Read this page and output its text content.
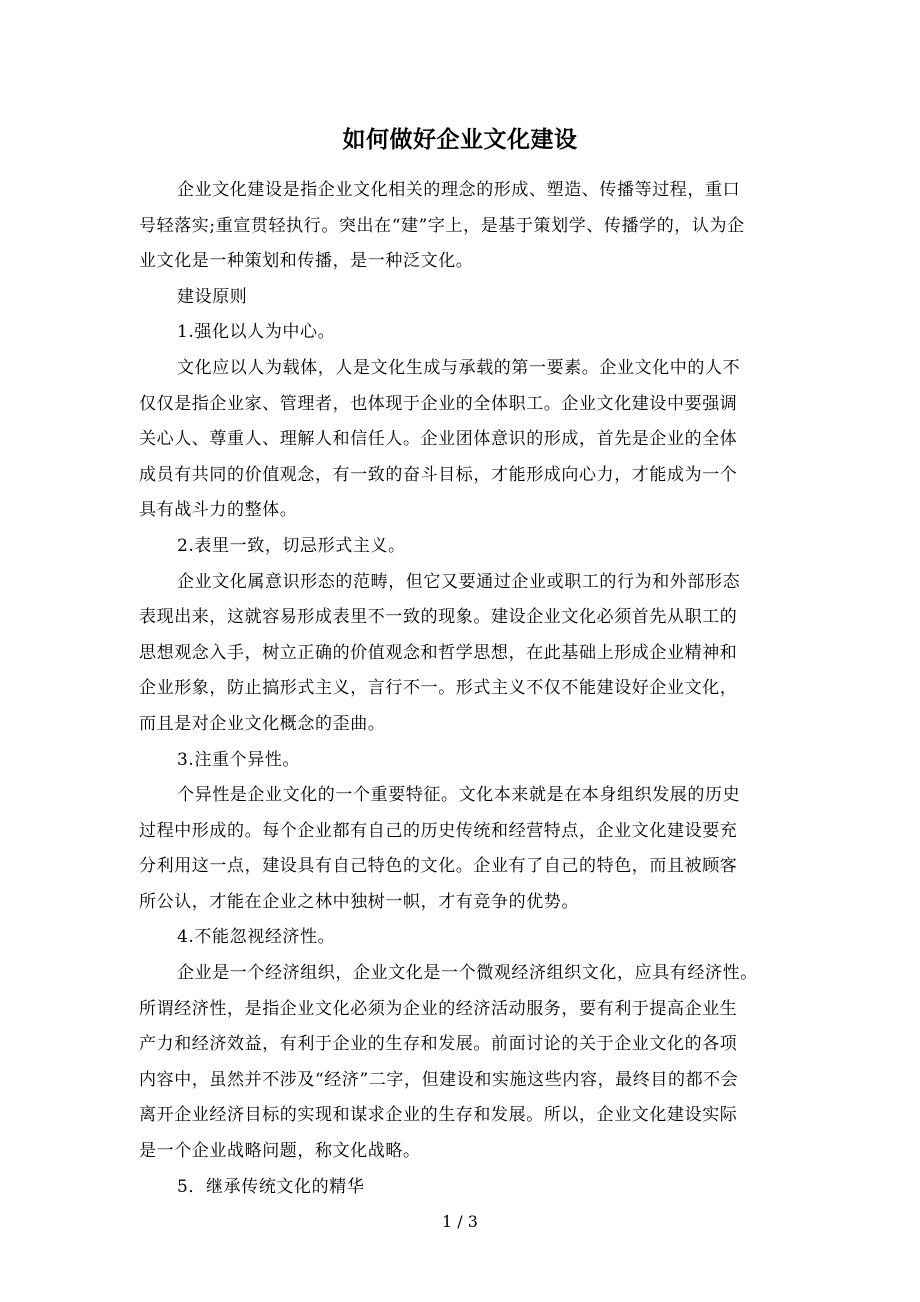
如何做好企业文化建设
企业文化建设是指企业文化相关的理念的形成、塑造、传播等过程，重口
号轻落实;重宣贯轻执行。突出在“建”字上，是基于策划学、传播学的，认为企
业文化是一种策划和传播，是一种泛文化。
建设原则
1.强化以人为中心。
文化应以人为载体，人是文化生成与承载的第一要素。企业文化中的人不
仅仅是指企业家、管理者，也体现于企业的全体职工。企业文化建设中要强调
关心人、尊重人、理解人和信任人。企业团体意识的形成，首先是企业的全体
成员有共同的价值观念，有一致的奋斗目标，才能形成向心力，才能成为一个
具有战斗力的整体。
2.表里一致，切忌形式主义。
企业文化属意识形态的范畴，但它又要通过企业或职工的行为和外部形态
表现出来，这就容易形成表里不一致的现象。建设企业文化必须首先从职工的
思想观念入手，树立正确的价值观念和哲学思想，在此基础上形成企业精神和
企业形象，防止搞形式主义，言行不一。形式主义不仅不能建设好企业文化，
而且是对企业文化概念的歪曲。
3.注重个异性。
个异性是企业文化的一个重要特征。文化本来就是在本身组织发展的历史
过程中形成的。每个企业都有自己的历史传统和经营特点，企业文化建设要充
分利用这一点，建设具有自己特色的文化。企业有了自己的特色，而且被顾客
所公认，才能在企业之林中独树一帜，才有竞争的优势。
4.不能忽视经济性。
企业是一个经济组织，企业文化是一个微观经济组织文化，应具有经济性。
所谓经济性，是指企业文化必须为企业的经济活动服务，要有利于提高企业生
产力和经济效益，有利于企业的生存和发展。前面讨论的关于企业文化的各项
内容中，虽然并不涉及“经济”二字，但建设和实施这些内容，最终目的都不会
离开企业经济目标的实现和谋求企业的生存和发展。所以，企业文化建设实际
是一个企业战略问题，称文化战略。
5．继承传统文化的精华
1 / 3
